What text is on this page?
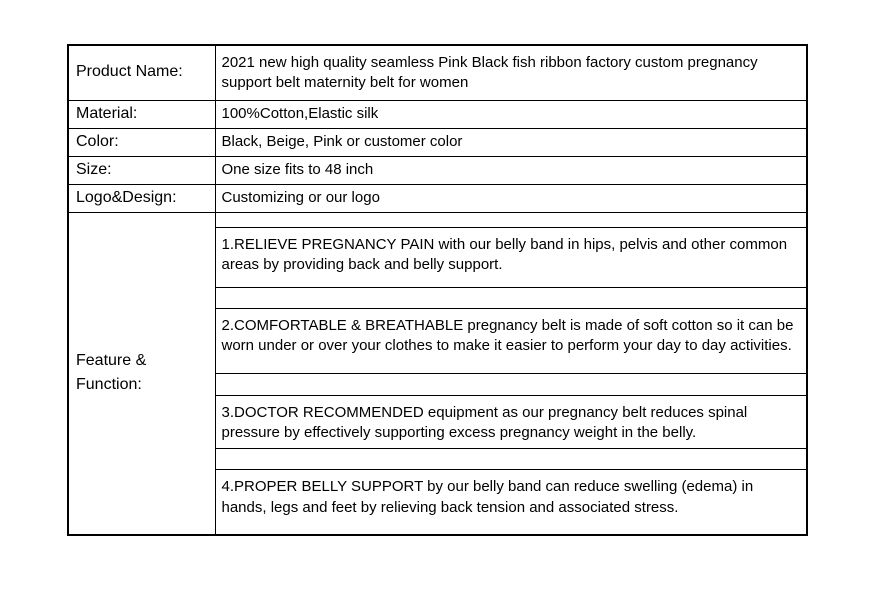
Product Name:	2021 new high quality seamless Pink Black fish ribbon factory custom pregnancy support belt maternity belt for women
Material:	100%Cotton,Elastic silk
Color:	Black, Beige, Pink or customer color
Size:	One size fits to 48 inch
Logo&Design:	Customizing or our logo
Feature & Function:	
	1.RELIEVE PREGNANCY PAIN with our belly band in hips, pelvis and other common areas by providing back and belly support.

	2.COMFORTABLE & BREATHABLE pregnancy belt is made of soft cotton so it can be worn under or over your clothes to make it easier to perform your day to day activities.

	3.DOCTOR RECOMMENDED equipment as our pregnancy belt reduces spinal pressure by effectively supporting excess pregnancy weight in the belly.

	4.PROPER BELLY SUPPORT by our belly band can reduce swelling (edema) in hands, legs and feet by relieving back tension and associated stress.
